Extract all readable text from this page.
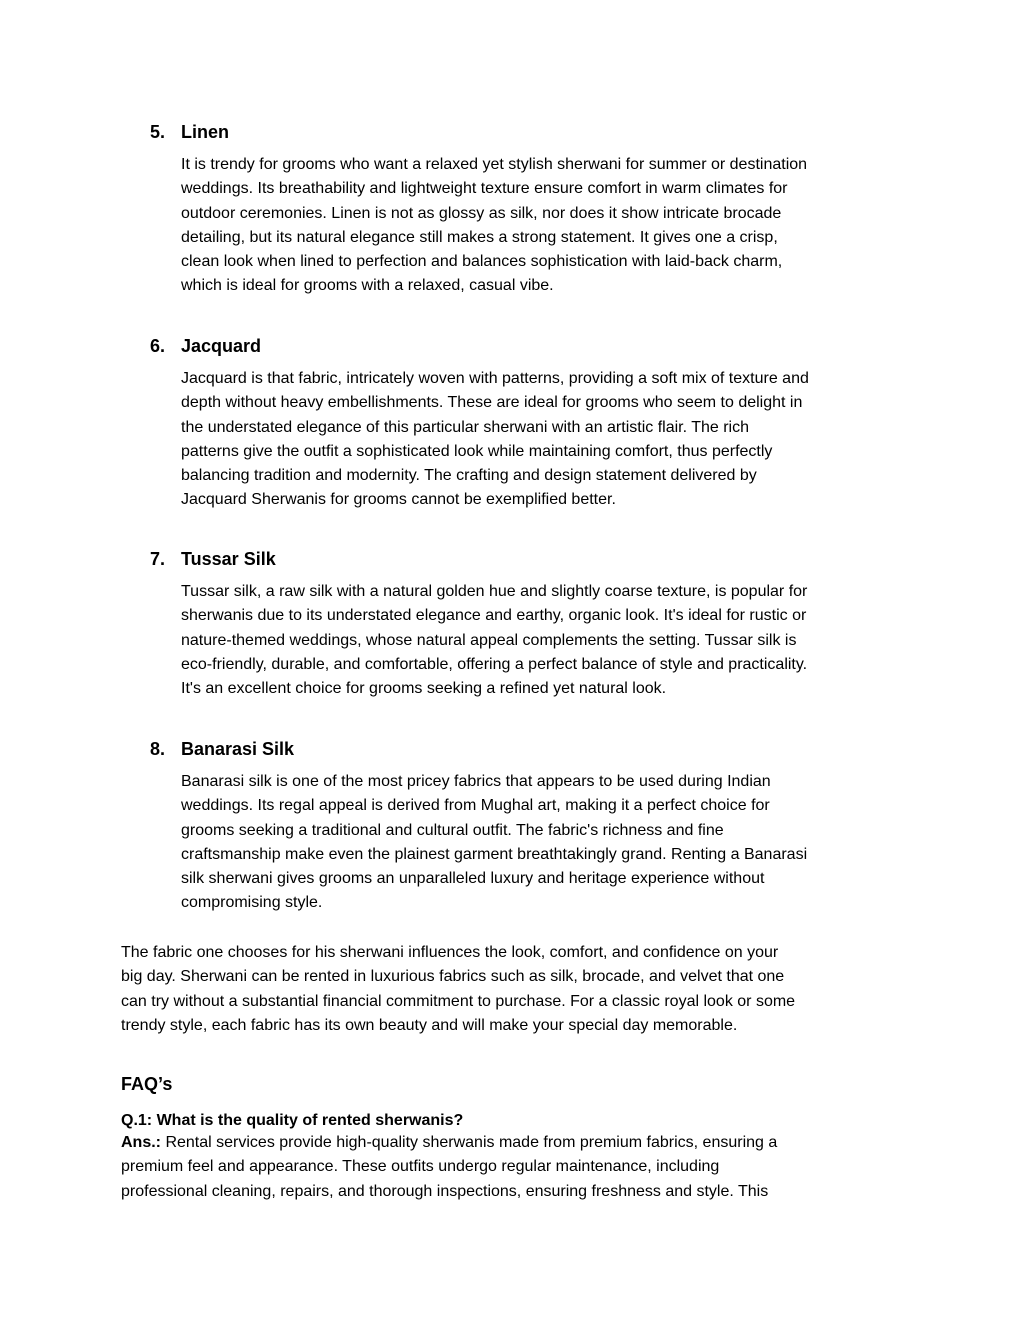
5. Linen
It is trendy for grooms who want a relaxed yet stylish sherwani for summer or destination
weddings. Its breathability and lightweight texture ensure comfort in warm climates for
outdoor ceremonies. Linen is not as glossy as silk, nor does it show intricate brocade
detailing, but its natural elegance still makes a strong statement. It gives one a crisp,
clean look when lined to perfection and balances sophistication with laid-back charm,
which is ideal for grooms with a relaxed, casual vibe.
6. Jacquard
Jacquard is that fabric, intricately woven with patterns, providing a soft mix of texture and
depth without heavy embellishments. These are ideal for grooms who seem to delight in
the understated elegance of this particular sherwani with an artistic flair. The rich
patterns give the outfit a sophisticated look while maintaining comfort, thus perfectly
balancing tradition and modernity. The crafting and design statement delivered by
Jacquard Sherwanis for grooms cannot be exemplified better.
7. Tussar Silk
Tussar silk, a raw silk with a natural golden hue and slightly coarse texture, is popular for
sherwanis due to its understated elegance and earthy, organic look. It's ideal for rustic or
nature-themed weddings, whose natural appeal complements the setting. Tussar silk is
eco-friendly, durable, and comfortable, offering a perfect balance of style and practicality.
It's an excellent choice for grooms seeking a refined yet natural look.
8. Banarasi Silk
Banarasi silk is one of the most pricey fabrics that appears to be used during Indian
weddings. Its regal appeal is derived from Mughal art, making it a perfect choice for
grooms seeking a traditional and cultural outfit. The fabric's richness and fine
craftsmanship make even the plainest garment breathtakingly grand. Renting a Banarasi
silk sherwani gives grooms an unparalleled luxury and heritage experience without
compromising style.
The fabric one chooses for his sherwani influences the look, comfort, and confidence on your
big day. Sherwani can be rented in luxurious fabrics such as silk, brocade, and velvet that one
can try without a substantial financial commitment to purchase. For a classic royal look or some
trendy style, each fabric has its own beauty and will make your special day memorable.
FAQ’s
Q.1: What is the quality of rented sherwanis?
Ans.: Rental services provide high-quality sherwanis made from premium fabrics, ensuring a
premium feel and appearance. These outfits undergo regular maintenance, including
professional cleaning, repairs, and thorough inspections, ensuring freshness and style. This
